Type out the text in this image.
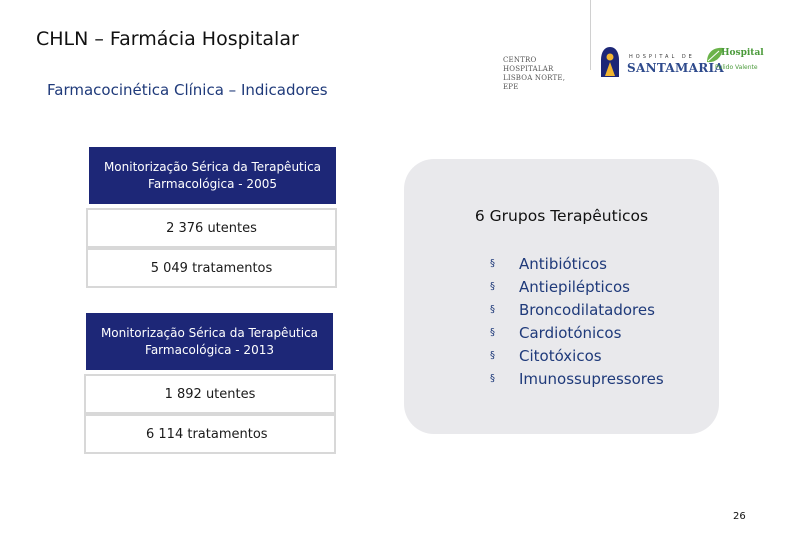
CHLN – Farmácia Hospitalar
Farmacocinética Clínica – Indicadores
CENTRO HOSPITALAR
LISBOA NORTE, EPE
HOSPITAL DE
SANTAMARIA
Hospital
Pulido Valente
Monitorização Sérica da Terapêutica Farmacológica - 2005
2 376 utentes
5 049 tratamentos
Monitorização Sérica da Terapêutica Farmacológica - 2013
1 892 utentes
6 114 tratamentos
6 Grupos Terapêuticos
§	Antibióticos
§	Antiepilépticos
§	Broncodilatadores
§	Cardiotónicos
§	Citotóxicos
§	Imunossupressores
26
